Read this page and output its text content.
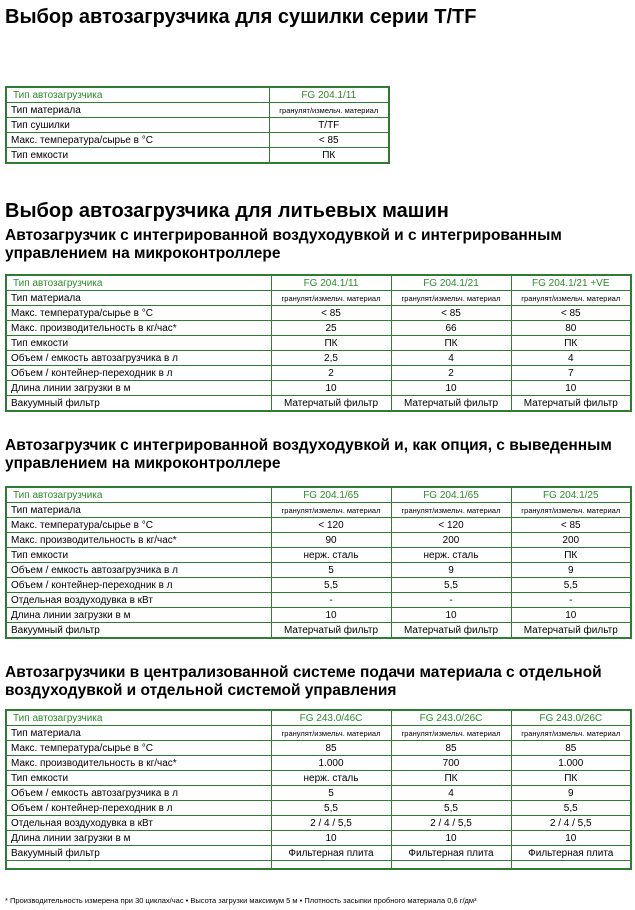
Выбор автозагрузчика для сушилки серии T/TF
Тип автозагрузчика	FG 204.1/11
Тип материала	гранулят/измельч. материал
Тип сушилки	T/TF
Макс. температура/сырье в °C	< 85
Тип емкости	ПК
Выбор автозагрузчика для литьевых машин
Автозагрузчик с интегрированной воздуходувкой и с интегрированным управлением на микроконтроллере
Тип автозагрузчика	FG 204.1/11	FG 204.1/21	FG 204.1/21 +VE
Тип материала	гранулят/измельч. материал	гранулят/измельч. материал	гранулят/измельч. материал
Макс. температура/сырье в °C	< 85	< 85	< 85
Макс. производительность в кг/час*	25	66	80
Тип емкости	ПК	ПК	ПК
Объем / емкость автозагрузчика в л	2,5	4	4
Объем / контейнер-переходник в л	2	2	7
Длина линии загрузки в м	10	10	10
Вакуумный фильтр	Матерчатый фильтр	Матерчатый фильтр	Матерчатый фильтр
Автозагрузчик с интегрированной воздуходувкой и, как опция, с выведенным управлением на микроконтроллере
Тип автозагрузчика	FG 204.1/65	FG 204.1/65	FG 204.1/25
Тип материала	гранулят/измельч. материал	гранулят/измельч. материал	гранулят/измельч. материал
Макс. температура/сырье в °C	< 120	< 120	< 85
Макс. производительность в кг/час*	90	200	200
Тип емкости	нерж. сталь	нерж. сталь	ПК
Объем / емкость автозагрузчика в л	5	9	9
Объем / контейнер-переходник в л	5,5	5,5	5,5
Отдельная воздуходувка в кВт	-	-	-
Длина линии загрузки в м	10	10	10
Вакуумный фильтр	Матерчатый фильтр	Матерчатый фильтр	Матерчатый фильтр
Автозагрузчики в централизованной системе подачи материала с отдельной воздуходувкой и отдельной системой управления
Тип автозагрузчика	FG 243.0/46C	FG 243.0/26C	FG 243.0/26C
Тип материала	гранулят/измельч. материал	гранулят/измельч. материал	гранулят/измельч. материал
Макс. температура/сырье в °C	85	85	85
Макс. производительность в кг/час*	1.000	700	1.000
Тип емкости	нерж. сталь	ПК	ПК
Объем / емкость автозагрузчика в л	5	4	9
Объем / контейнер-переходник в л	5,5	5,5	5,5
Отдельная воздуходувка в кВт	2 / 4 / 5,5	2 / 4 / 5,5	2 / 4 / 5,5
Длина линии загрузки в м	10	10	10
Вакуумный фильтр	Фильтерная плита	Фильтерная плита	Фильтерная плита

* Производительность измерена при 30 циклах/час • Высота загрузки максимум 5 м • Плотность засыпки пробного материала 0,6 г/дм³
